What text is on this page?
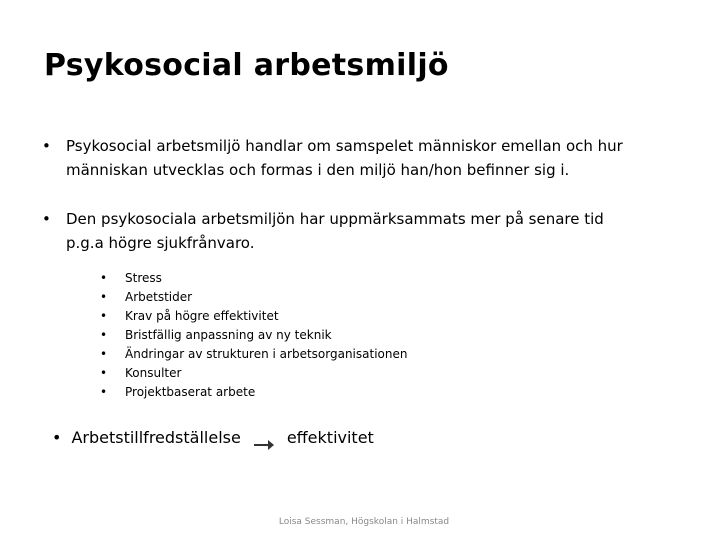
Psykosocial arbetsmiljö
• Psykosocial arbetsmiljö handlar om samspelet människor emellan och hur
människan utvecklas och formas i den miljö han/hon befinner sig i.
• Den psykosociala arbetsmiljön har uppmärksammats mer på senare tid
p.g.a högre sjukfrånvaro.
• Stress
• Arbetstider
• Krav på högre effektivitet
• Bristfällig anpassning av ny teknik
• Ändringar av strukturen i arbetsorganisationen
• Konsulter
• Projektbaserat arbete
• Arbetstillfredställelse	effektivitet
Loisa Sessman, Högskolan i Halmstad
